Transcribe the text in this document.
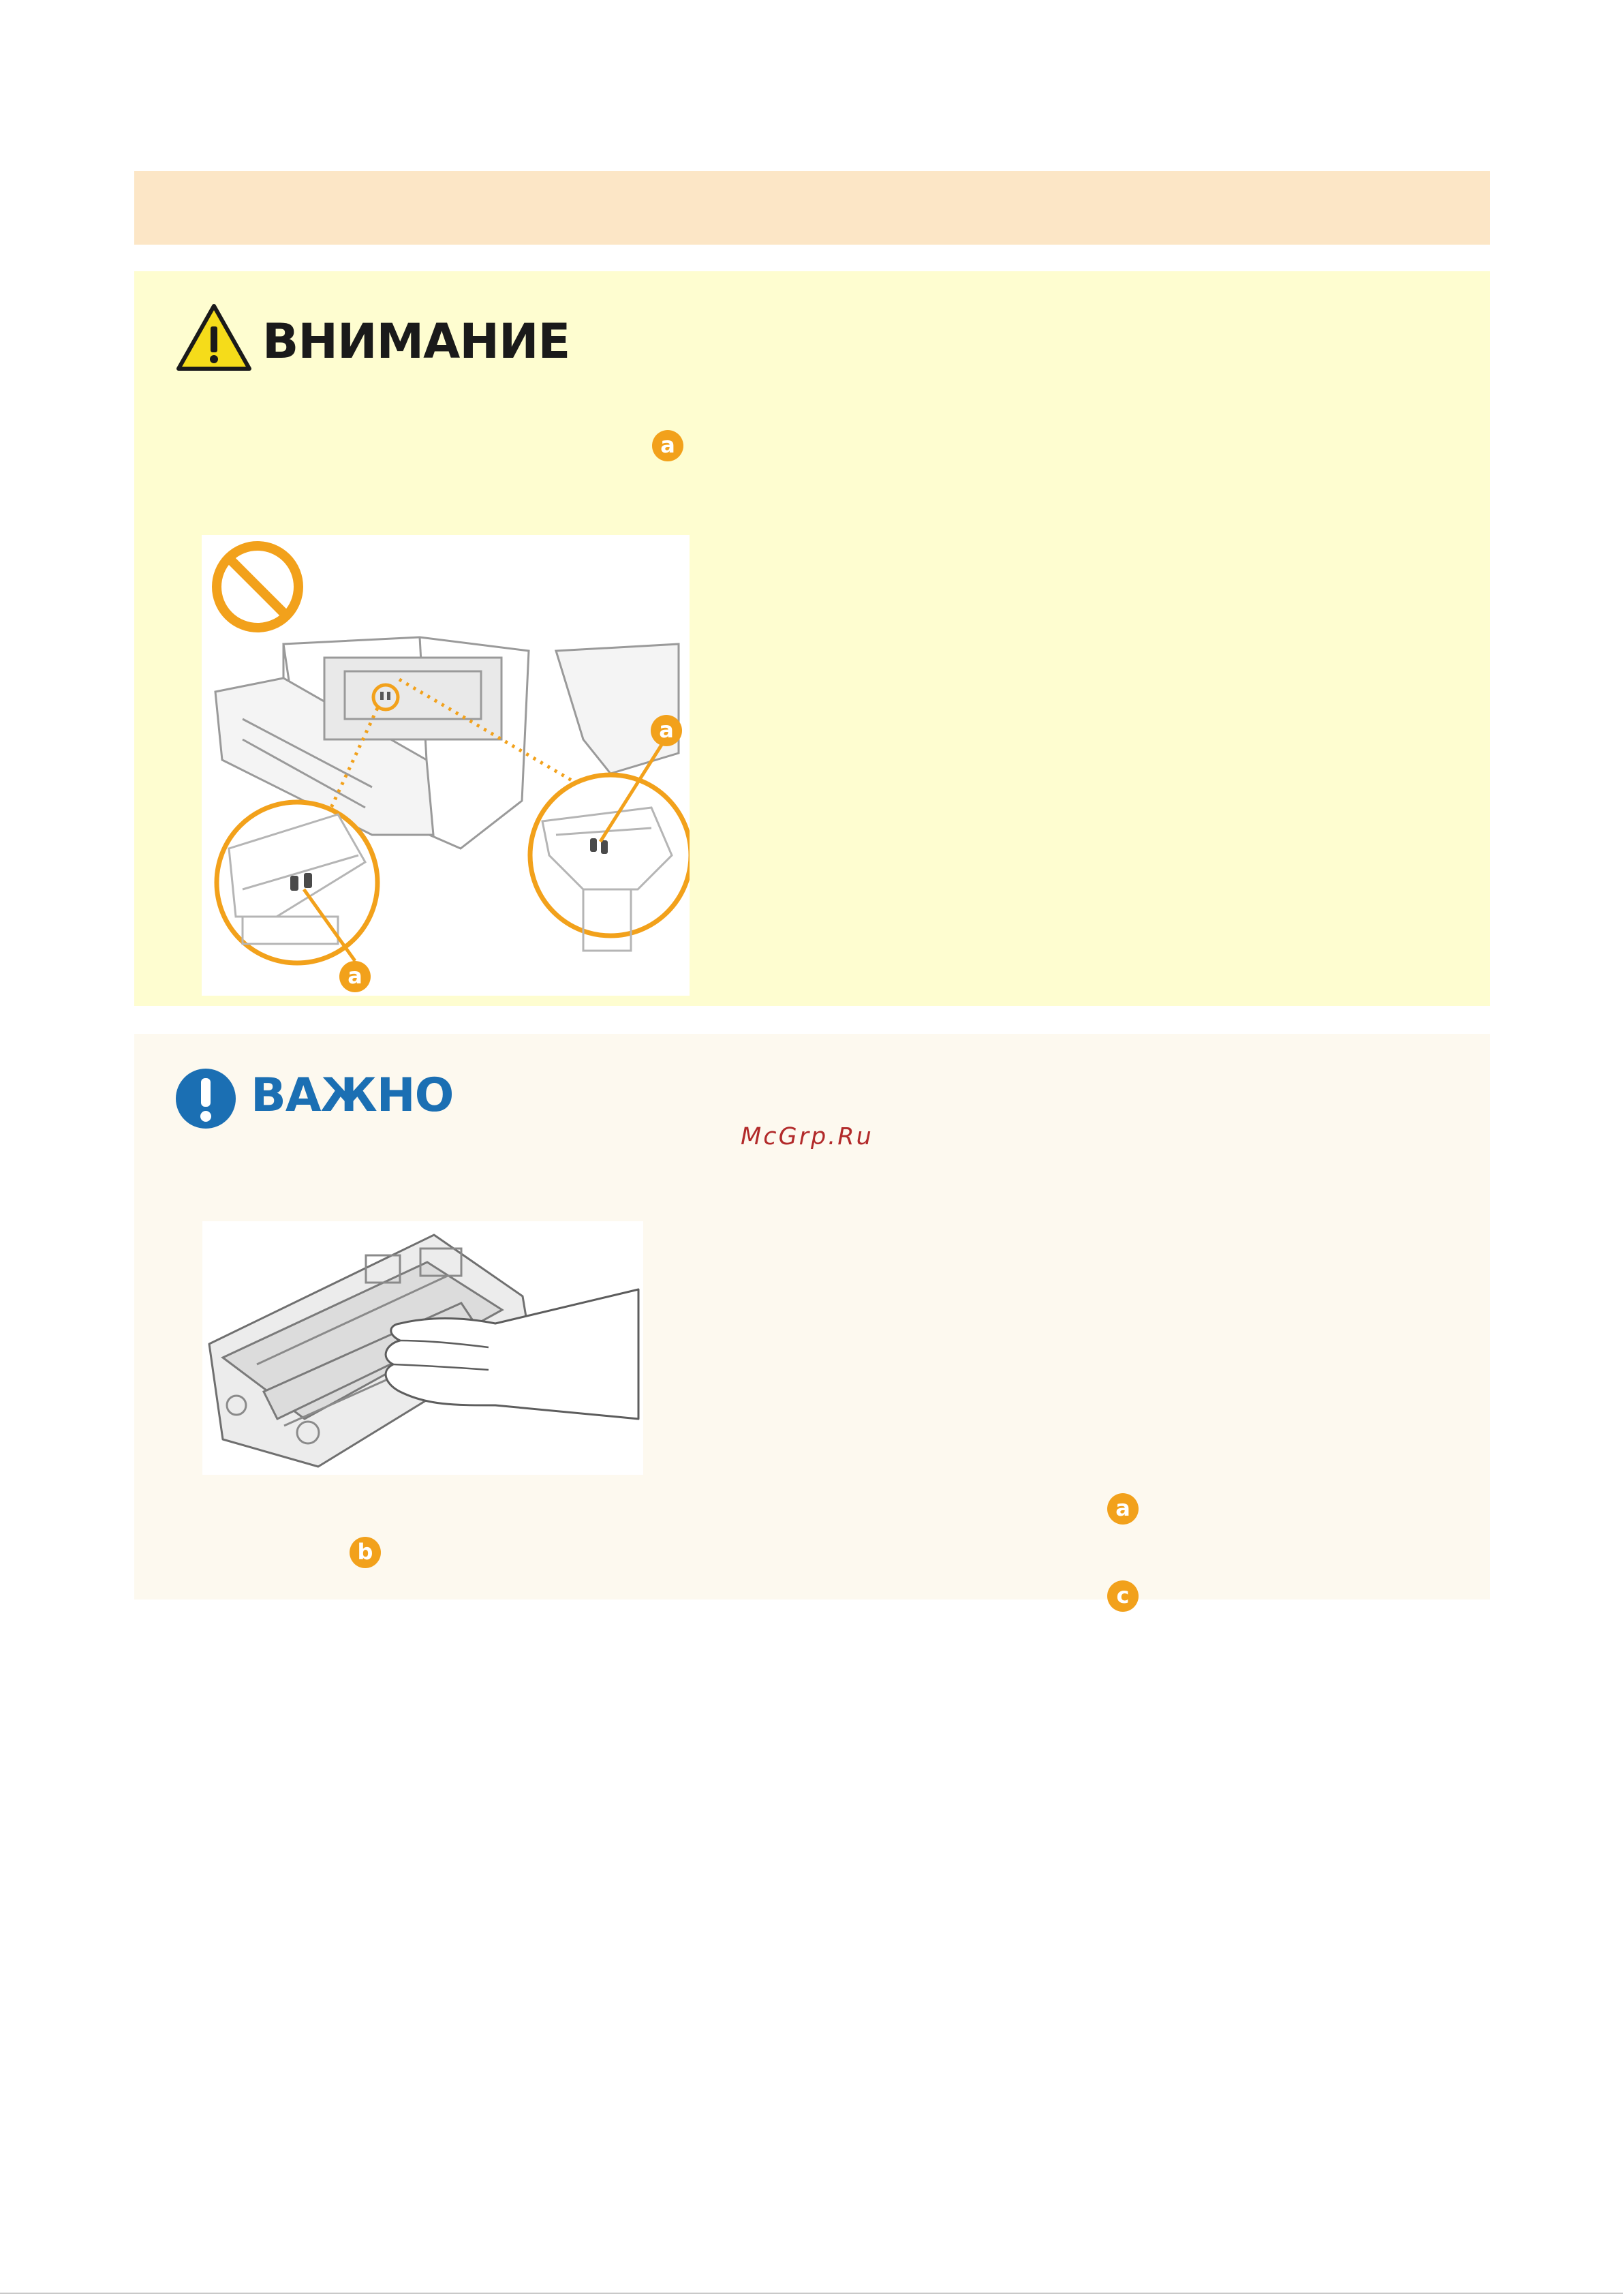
ВНИМАНИЕ
a
a
a
ВАЖНО
McGrp.Ru
a
b
c
